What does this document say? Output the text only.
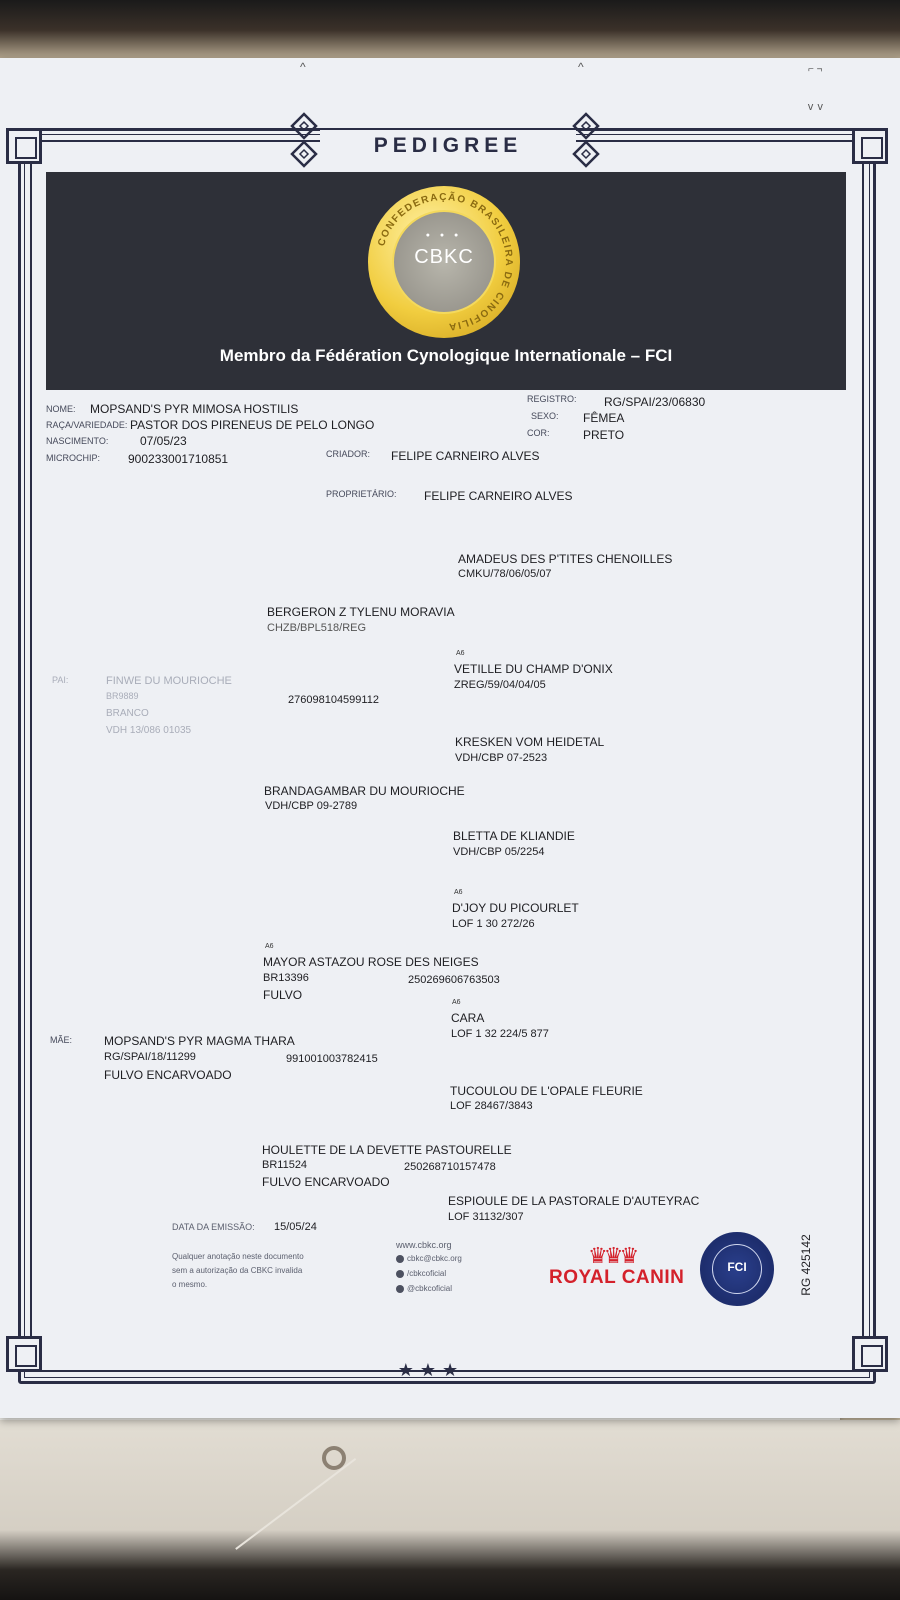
^	^	⌐ ¬
ᵥ ᵥ
PEDIGREE
CONFEDERAÇÃO BRASILEIRA DE CINOFILIA
● ● ●
CBKC
Membro da Fédération Cynologique Internationale – FCI
NOME: MOPSAND'S PYR MIMOSA HOSTILIS
RAÇA/VARIEDADE: PASTOR DOS PIRENEUS DE PELO LONGO
NASCIMENTO:	07/05/23
MICROCHIP: 900233001710851
REGISTRO: RG/SPAI/23/06830
SEXO: FÊMEA
COR:	PRETO
CRIADOR: FELIPE CARNEIRO ALVES
PROPRIETÁRIO: FELIPE CARNEIRO ALVES
PAI:	FINWE DU MOURIOCHE
BR9889
BRANCO
VDH 13/086 01035
276098104599112
BERGERON Z TYLENU MORAVIA
CHZB/BPL518/REG
BRANDAGAMBAR DU MOURIOCHE
VDH/CBP 09-2789
AMADEUS DES P'TITES CHENOILLES
CMKU/78/06/05/07
A6
VETILLE DU CHAMP D'ONIX
ZREG/59/04/04/05
KRESKEN VOM HEIDETAL
VDH/CBP 07-2523
BLETTA DE KLIANDIE
VDH/CBP 05/2254
A6
D'JOY DU PICOURLET
LOF 1 30 272/26
A6
CARA
LOF 1 32 224/5 877
TUCOULOU DE L'OPALE FLEURIE
LOF 28467/3843
ESPIOULE DE LA PASTORALE D'AUTEYRAC
LOF 31132/307
A6
MAYOR ASTAZOU ROSE DES NEIGES
BR13396	250269606763503
FULVO
MÃE:	MOPSAND'S PYR MAGMA THARA
RG/SPAI/18/11299	991001003782415
FULVO ENCARVOADO
HOULETTE DE LA DEVETTE PASTOURELLE
BR11524	250268710157478
FULVO ENCARVOADO
DATA DA EMISSÃO: 15/05/24
Qualquer anotação neste documento
sem a autorização da CBKC invalida
o mesmo.
www.cbkc.org
cbkc@cbkc.org
/cbkcoficial
@cbkcoficial
♛♛♛
ROYAL CANIN	FCI	RG 425142
★★★
